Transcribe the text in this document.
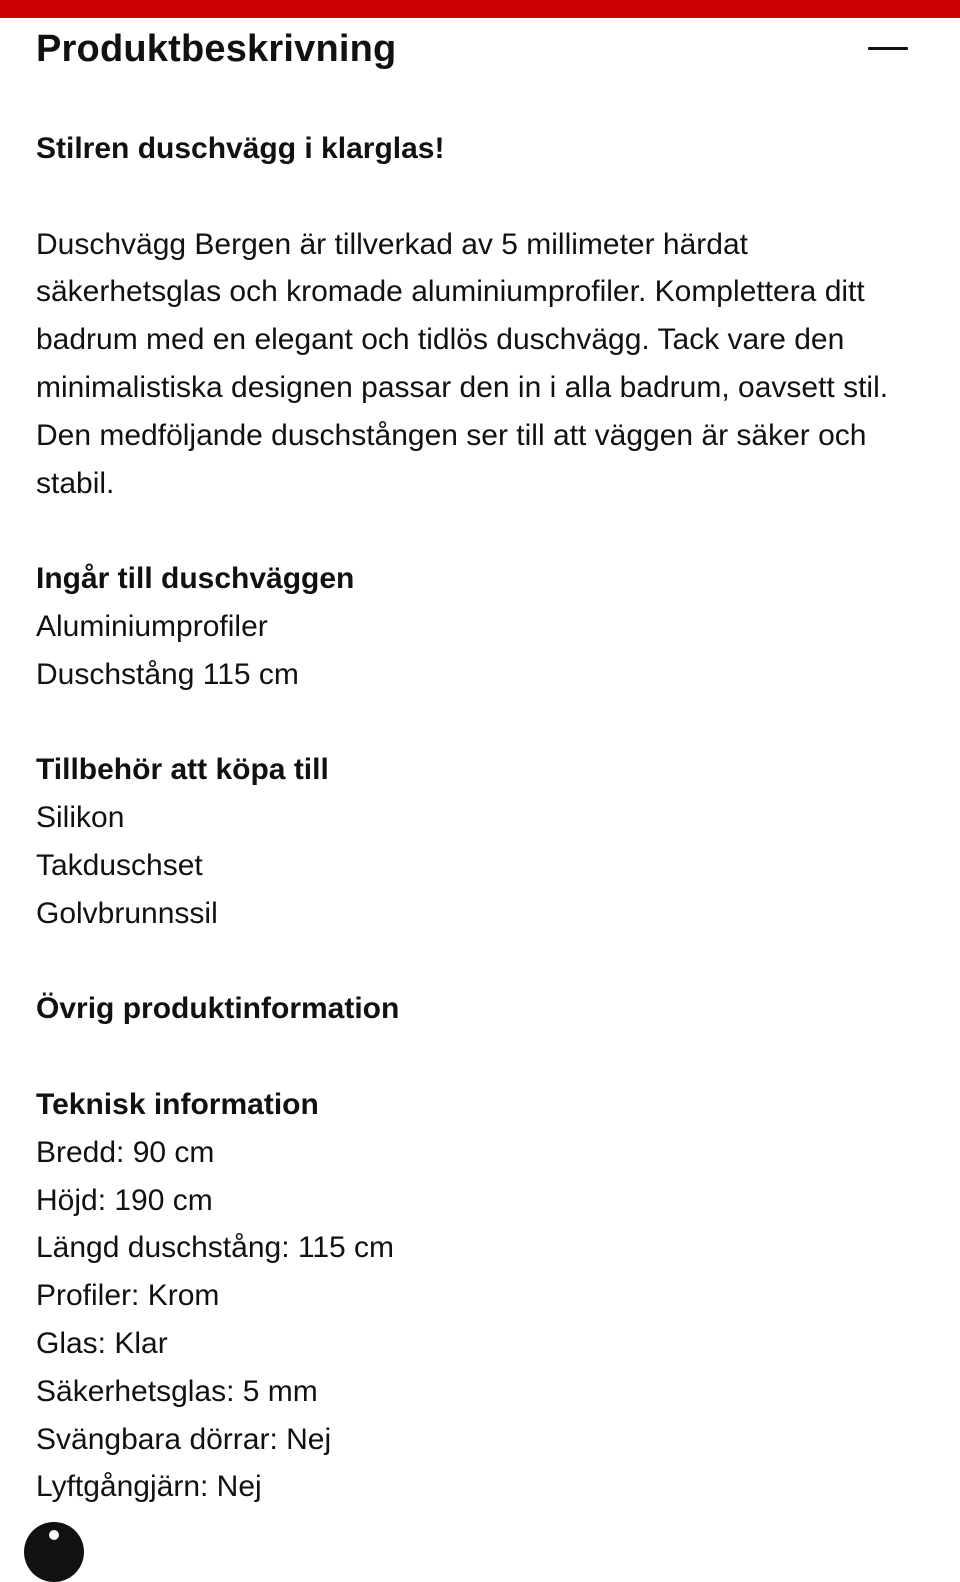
Produktbeskrivning

Stilren duschvägg i klarglas!

Duschvägg Bergen är tillverkad av 5 millimeter härdat säkerhetsglas och kromade aluminiumprofiler. Komplettera ditt badrum med en elegant och tidlös duschvägg. Tack vare den minimalistiska designen passar den in i alla badrum, oavsett stil. Den medföljande duschstången ser till att väggen är säker och stabil.

Ingår till duschväggen

Aluminiumprofiler
Duschstång 115 cm

Tillbehör att köpa till

Silikon
Takduschset
Golvbrunnssil

Övrig produktinformation

Teknisk information

Bredd: 90 cm
Höjd: 190 cm
Längd duschstång: 115 cm
Profiler: Krom
Glas: Klar
Säkerhetsglas: 5 mm
Svängbara dörrar: Nej
Lyftgångjärn: Nej
